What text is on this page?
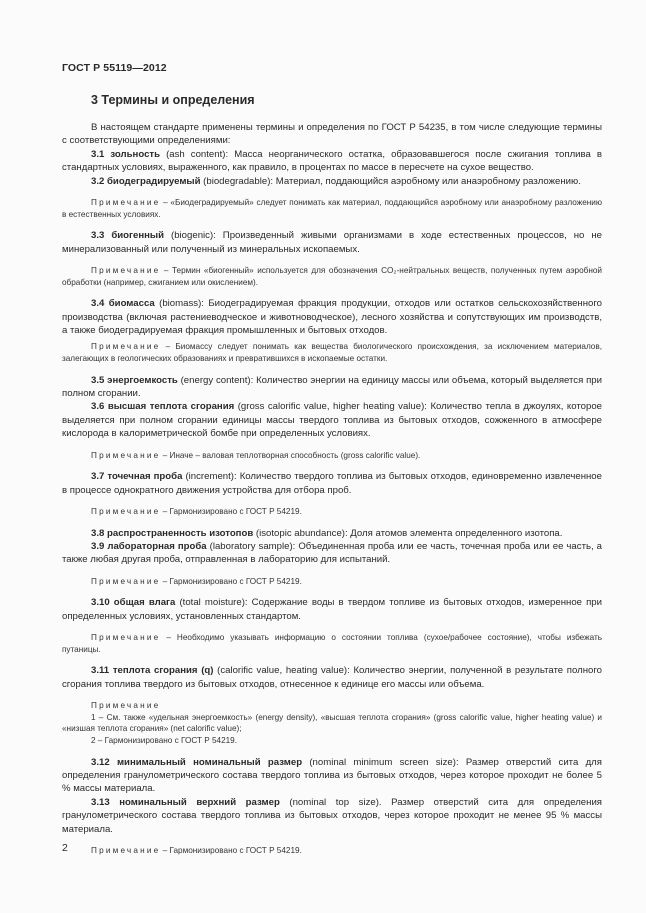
ГОСТ Р 55119—2012
3 Термины и определения

В настоящем стандарте применены термины и определения по ГОСТ Р 54235, в том числе следующие термины с соответствующими определениями:

3.1 зольность (ash content): Масса неорганического остатка, образовавшегося после сжигания топлива в стандартных условиях, выраженного, как правило, в процентах по массе в пересчете на сухое вещество.

3.2 биодеградируемый (biodegradable): Материал, поддающийся аэробному или анаэробному разложению.

Примечание – «Биодеградируемый» следует понимать как материал, поддающийся аэробному или анаэробному разложению в естественных условиях.

3.3 биогенный (biogenic): Произведенный живыми организмами в ходе естественных процессов, но не минерализованный или полученный из минеральных ископаемых.

Примечание – Термин «биогенный» используется для обозначения CO₂-нейтральных веществ, полученных путем аэробной обработки (например, сжиганием или окислением).

3.4 биомасса (biomass): Биодеградируемая фракция продукции, отходов или остатков сельскохозяйственного производства (включая растениеводческое и животноводческое), лесного хозяйства и сопутствующих им производств, а также биодеградируемая фракция промышленных и бытовых отходов.

Примечание – Биомассу следует понимать как вещества биологического происхождения, за исключением материалов, залегающих в геологических образованиях и превратившихся в ископаемые остатки.

3.5 энергоемкость (energy content): Количество энергии на единицу массы или объема, который выделяется при полном сгорании.

3.6 высшая теплота сгорания (gross calorific value, higher heating value): Количество тепла в джоулях, которое выделяется при полном сгорании единицы массы твердого топлива из бытовых отходов, сожженного в атмосфере кислорода в калориметрической бомбе при определенных условиях.

Примечание – Иначе – валовая теплотворная способность (gross calorific value).

3.7 точечная проба (increment): Количество твердого топлива из бытовых отходов, единовременно извлеченное в процессе однократного движения устройства для отбора проб.

Примечание – Гармонизировано с ГОСТ Р 54219.

3.8 распространенность изотопов (isotopic abundance): Доля атомов элемента определенного изотопа.

3.9 лабораторная проба (laboratory sample): Объединенная проба или ее часть, точечная проба или ее часть, а также любая другая проба, отправленная в лабораторию для испытаний.

Примечание – Гармонизировано с ГОСТ Р 54219.

3.10 общая влага (total moisture): Содержание воды в твердом топливе из бытовых отходов, измеренное при определенных условиях, установленных стандартом.

Примечание – Необходимо указывать информацию о состоянии топлива (сухое/рабочее состояние), чтобы избежать путаницы.

3.11 теплота сгорания (q) (calorific value, heating value): Количество энергии, полученной в результате полного сгорания топлива твердого из бытовых отходов, отнесенное к единице его массы или объема.

Примечание

1 – См. также «удельная энергоемкость» (energy density), «высшая теплота сгорания» (gross calorific value, higher heating value) и «низшая теплота сгорания» (net calorific value);

2 – Гармонизировано с ГОСТ Р 54219.

3.12 минимальный номинальный размер (nominal minimum screen size): Размер отверстий сита для определения гранулометрического состава твердого топлива из бытовых отходов, через которое проходит не более 5 % массы материала.

3.13 номинальный верхний размер (nominal top size). Размер отверстий сита для определения гранулометрического состава твердого топлива из бытовых отходов, через которое проходит не менее 95 % массы материала.

Примечание – Гармонизировано с ГОСТ Р 54219.

2
